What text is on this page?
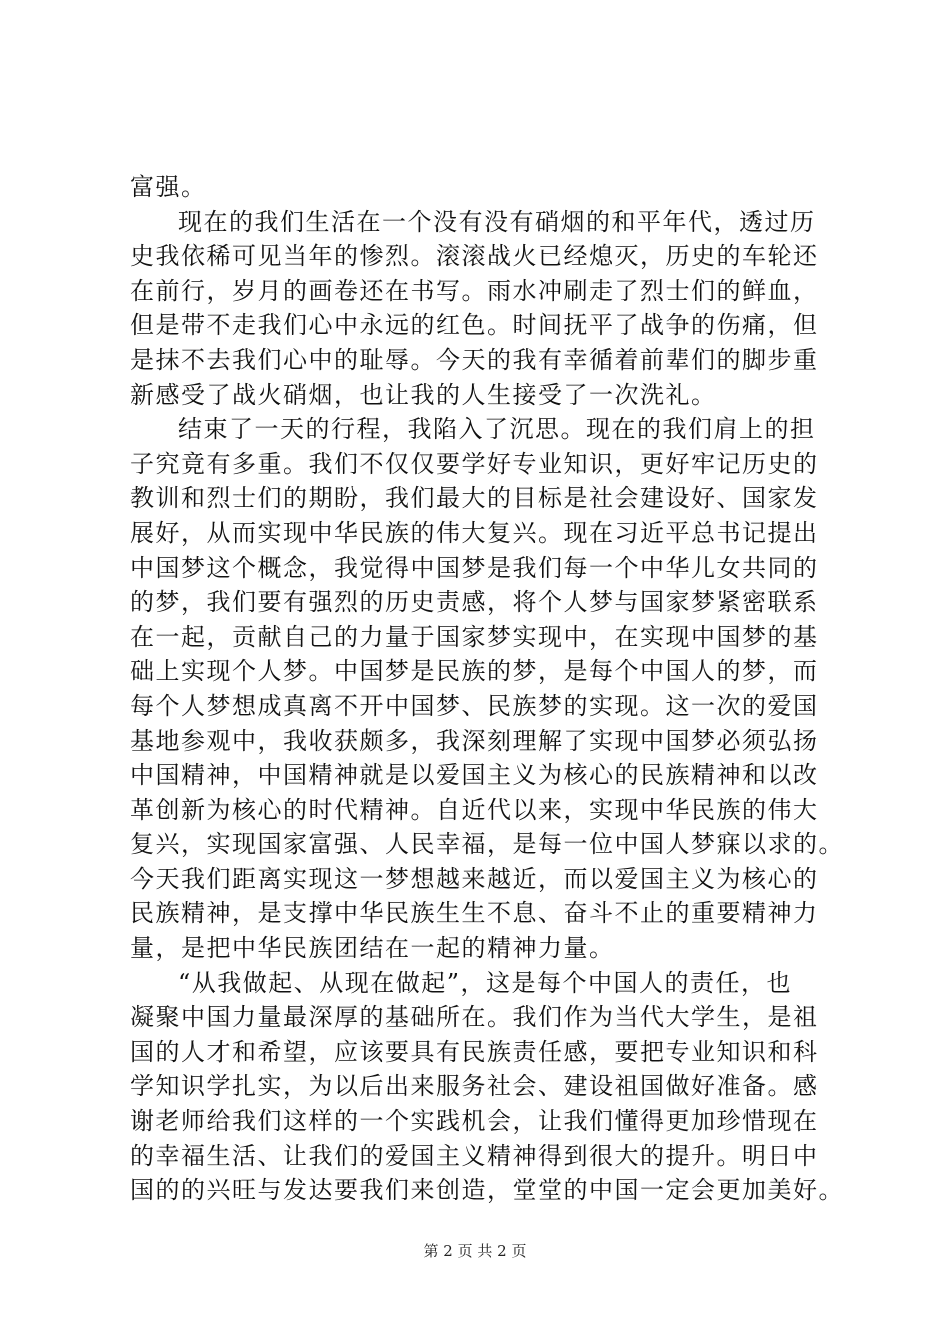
富强。
现在的我们生活在一个没有没有硝烟的和平年代，透过历
史我依稀可见当年的惨烈。滚滚战火已经熄灭，历史的车轮还
在前行，岁月的画卷还在书写。雨水冲刷走了烈士们的鲜血，
但是带不走我们心中永远的红色。时间抚平了战争的伤痛，但
是抹不去我们心中的耻辱。今天的我有幸循着前辈们的脚步重
新感受了战火硝烟，也让我的人生接受了一次洗礼。
结束了一天的行程，我陷入了沉思。现在的我们肩上的担
子究竟有多重。我们不仅仅要学好专业知识，更好牢记历史的
教训和烈士们的期盼，我们最大的目标是社会建设好、国家发
展好，从而实现中华民族的伟大复兴。现在习近平总书记提出
中国梦这个概念，我觉得中国梦是我们每一个中华儿女共同的
的梦，我们要有强烈的历史责感，将个人梦与国家梦紧密联系
在一起，贡献自己的力量于国家梦实现中，在实现中国梦的基
础上实现个人梦。中国梦是民族的梦，是每个中国人的梦，而
每个人梦想成真离不开中国梦、民族梦的实现。这一次的爱国
基地参观中，我收获颇多，我深刻理解了实现中国梦必须弘扬
中国精神，中国精神就是以爱国主义为核心的民族精神和以改
革创新为核心的时代精神。自近代以来，实现中华民族的伟大
复兴，实现国家富强、人民幸福，是每一位中国人梦寐以求的。
今天我们距离实现这一梦想越来越近，而以爱国主义为核心的
民族精神，是支撑中华民族生生不息、奋斗不止的重要精神力
量，是把中华民族团结在一起的精神力量。
“从我做起、从现在做起”，这是每个中国人的责任，也
凝聚中国力量最深厚的基础所在。我们作为当代大学生，是祖
国的人才和希望，应该要具有民族责任感，要把专业知识和科
学知识学扎实，为以后出来服务社会、建设祖国做好准备。感
谢老师给我们这样的一个实践机会，让我们懂得更加珍惜现在
的幸福生活、让我们的爱国主义精神得到很大的提升。明日中
国的的兴旺与发达要我们来创造，堂堂的中国一定会更加美好。
第 2 页 共 2 页
